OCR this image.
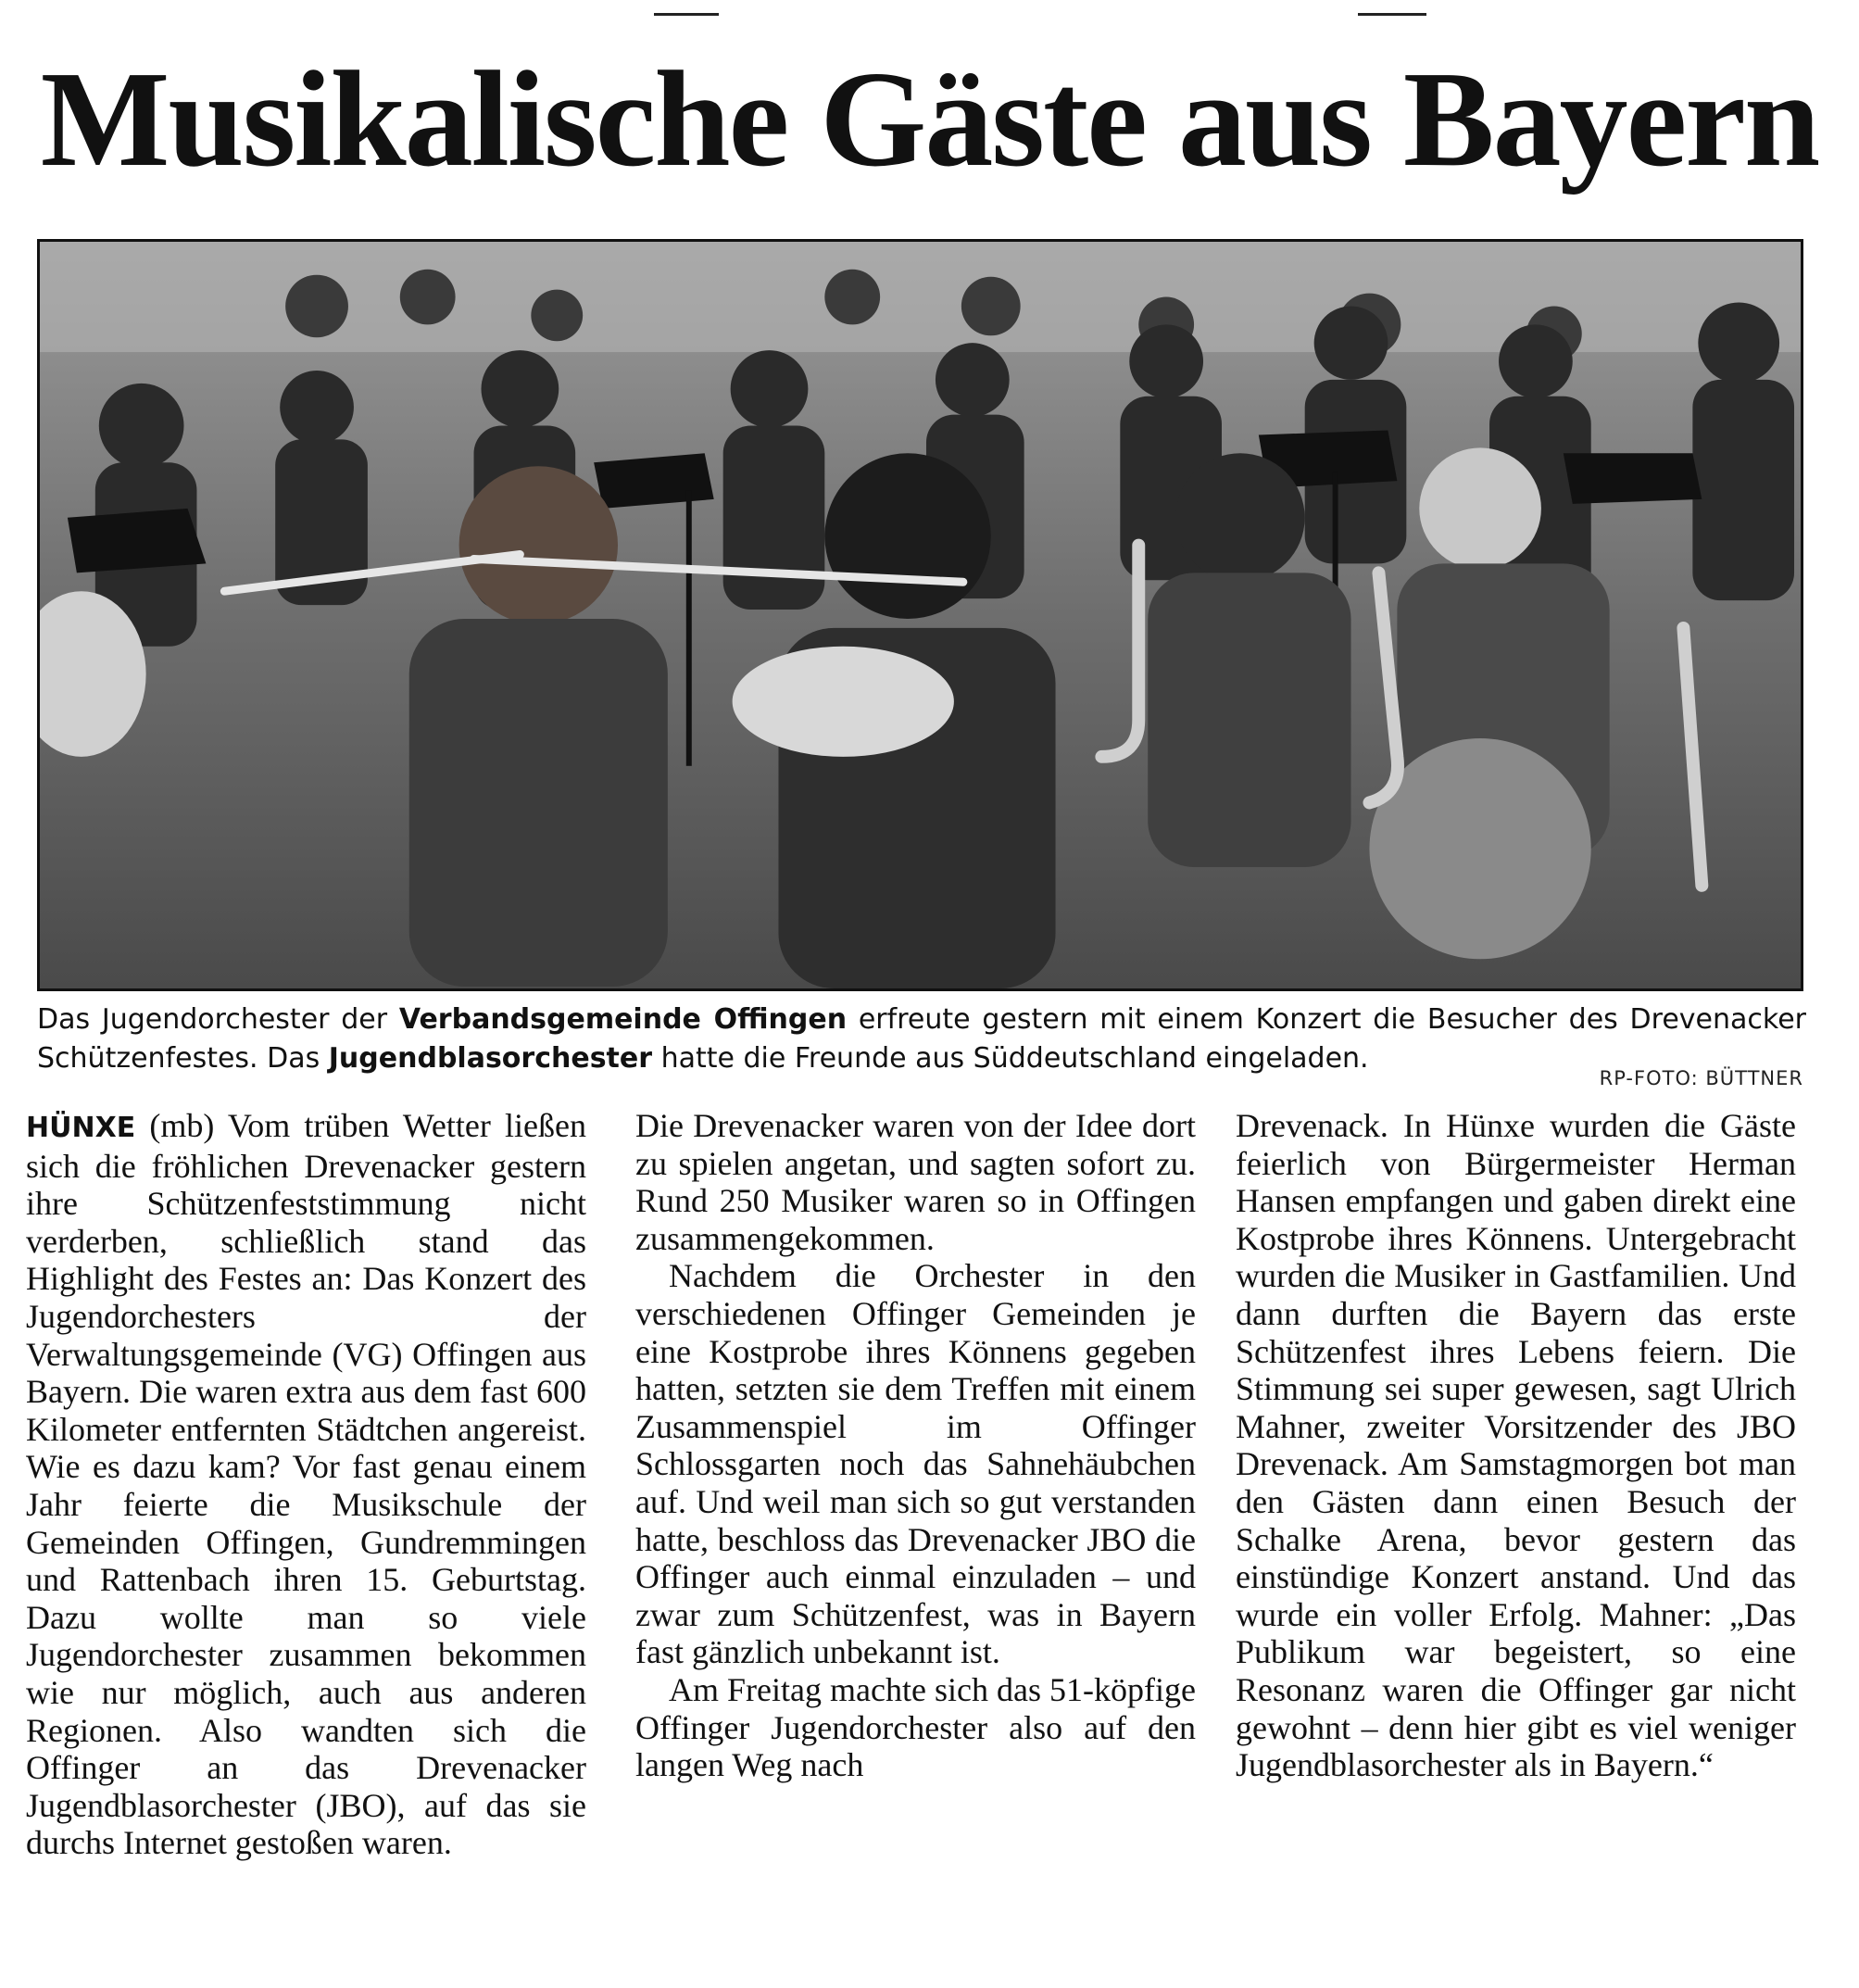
Musikalische Gäste aus Bayern
Das Jugendorchester der Verbandsgemeinde Offingen erfreute gestern mit einem Konzert die Besucher des Drevenacker Schützenfestes. Das Jugendblasorchester hatte die Freunde aus Süddeutschland eingeladen.
RP-FOTO: BÜTTNER

HÜNXE (mb) Vom trüben Wetter ließen sich die fröhlichen Drevenacker gestern ihre Schützenfeststimmung nicht verderben, schließlich stand das Highlight des Festes an: Das Konzert des Jugendorchesters der Verwaltungsgemeinde (VG) Offingen aus Bayern. Die waren extra aus dem fast 600 Kilometer entfernten Städtchen angereist. Wie es dazu kam? Vor fast genau einem Jahr feierte die Musikschule der Gemeinden Offingen, Gundremmingen und Rattenbach ihren 15. Geburtstag. Dazu wollte man so viele Jugendorchester zusammen bekommen wie nur möglich, auch aus anderen Regionen. Also wandten sich die Offinger an das Drevenacker Jugendblasorchester (JBO), auf das sie durchs Internet gestoßen waren.

Die Drevenacker waren von der Idee dort zu spielen angetan, und sagten sofort zu. Rund 250 Musiker waren so in Offingen zusammengekommen.

Nachdem die Orchester in den verschiedenen Offinger Gemeinden je eine Kostprobe ihres Könnens gegeben hatten, setzten sie dem Treffen mit einem Zusammenspiel im Offinger Schlossgarten noch das Sahnehäubchen auf. Und weil man sich so gut verstanden hatte, beschloss das Drevenacker JBO die Offinger auch einmal einzuladen – und zwar zum Schützenfest, was in Bayern fast gänzlich unbekannt ist.

Am Freitag machte sich das 51-köpfige Offinger Jugendorchester also auf den langen Weg nach

Drevenack. In Hünxe wurden die Gäste feierlich von Bürgermeister Herman Hansen empfangen und gaben direkt eine Kostprobe ihres Könnens. Untergebracht wurden die Musiker in Gastfamilien. Und dann durften die Bayern das erste Schützenfest ihres Lebens feiern. Die Stimmung sei super gewesen, sagt Ulrich Mahner, zweiter Vorsitzender des JBO Drevenack. Am Samstagmorgen bot man den Gästen dann einen Besuch der Schalke Arena, bevor gestern das einstündige Konzert anstand. Und das wurde ein voller Erfolg. Mahner: „Das Publikum war begeistert, so eine Resonanz waren die Offinger gar nicht gewohnt – denn hier gibt es viel weniger Jugendblasorchester als in Bayern.“
